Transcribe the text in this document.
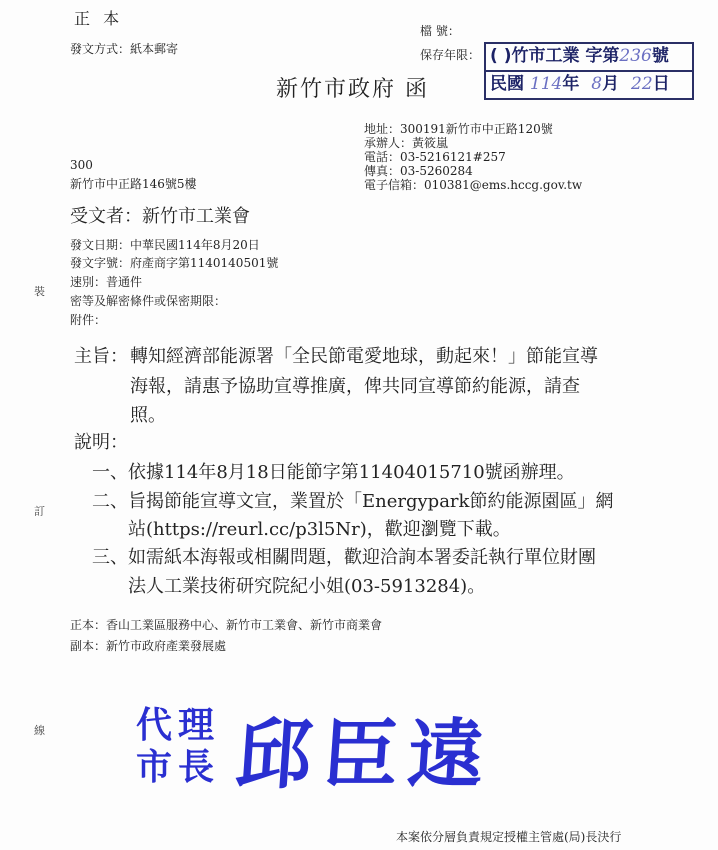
正 本
發文方式：紙本郵寄
檔 號：
保存年限： ( )竹市工業 字第236號
民國 114年 8月 22日
新竹市政府 函
地址：300191新竹市中正路120號
承辦人：黃筱嵐
電話：03-5216121#257
傳真：03-5260284
電子信箱：010381@ems.hccg.gov.tw
300
新竹市中正路146號5樓
受文者：新竹市工業會
發文日期：中華民國114年8月20日
發文字號：府產商字第1140140501號
速別：普通件
密等及解密條件或保密期限：
附件：
裝
訂
線
主旨： 轉知經濟部能源署「全民節電愛地球，動起來！」節能宣導
海報，請惠予協助宣導推廣，俾共同宣導節約能源，請查
照。
說明：
一、依據114年8月18日能節字第11404015710號函辦理。
二、旨揭節能宣導文宣，業置於「Energypark節約能源園區」網
站(https://reurl.cc/p3l5Nr)，歡迎瀏覽下載。
三、如需紙本海報或相關問題，歡迎洽詢本署委託執行單位財團
法人工業技術研究院紀小姐(03-5913284)。
正本：香山工業區服務中心、新竹市工業會、新竹市商業會
副本：新竹市政府產業發展處
代理
市長 邱臣遠
本案依分層負責規定授權主管處(局)長決行
